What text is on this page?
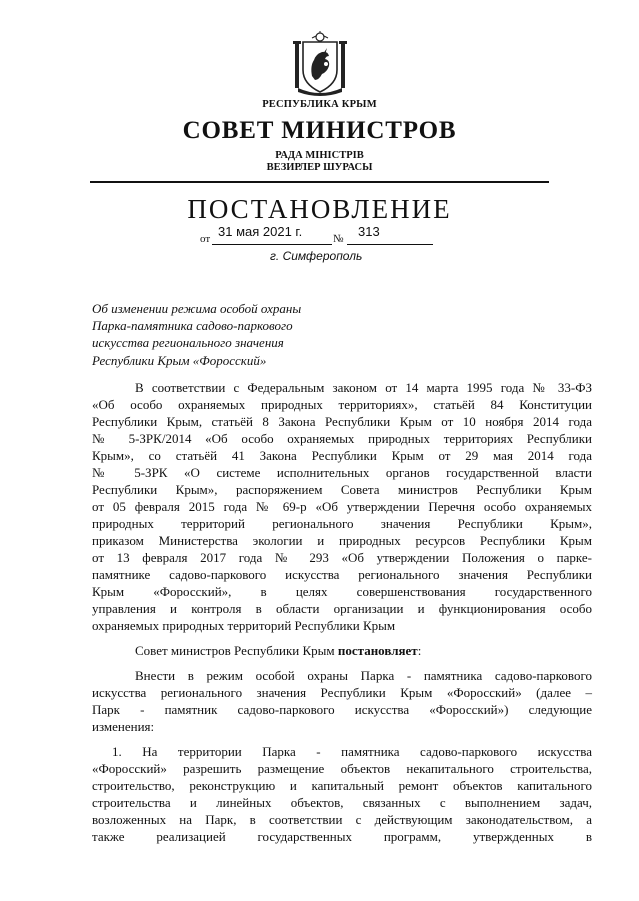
РЕСПУБЛИКА КРЫМ
СОВЕТ МИНИСТРОВ
РАДА МІНІСТРІВ
ВЕЗИРЛЕР ШУРАСЫ
ПОСТАНОВЛЕНИЕ
от 31 мая 2021 г.	№ 313
г. Симферополь
Об изменении режима особой охраны
Парка-памятника садово-паркового
искусства регионального значения
Республики Крым «Форосский»
В соответствии с Федеральным законом от 14 марта 1995 года № 33-ФЗ
«Об особо охраняемых природных территориях», статьёй 84 Конституции
Республики Крым, статьёй 8 Закона Республики Крым от 10 ноября 2014 года
№ 5-ЗРК/2014 «Об особо охраняемых природных территориях Республики
Крым», со статьёй 41 Закона Республики Крым от 29 мая 2014 года
№ 5-ЗРК «О системе исполнительных органов государственной власти
Республики Крым», распоряжением Совета министров Республики Крым
от 05 февраля 2015 года № 69-р «Об утверждении Перечня особо охраняемых
природных территорий регионального значения Республики Крым»,
приказом Министерства экологии и природных ресурсов Республики Крым
от 13 февраля 2017 года № 293 «Об утверждении Положения о парке-
памятнике садово-паркового искусства регионального значения Республики
Крым «Форосский», в целях совершенствования государственного
управления и контроля в области организации и функционирования особо
охраняемых природных территорий Республики Крым
Совет министров Республики Крым постановляет:
Внести в режим особой охраны Парка - памятника садово-паркового
искусства регионального значения Республики Крым «Форосский» (далее –
Парк - памятник садово-паркового искусства «Форосский») следующие
изменения:
1. На территории Парка - памятника садово-паркового искусства
«Форосский» разрешить размещение объектов некапитального строительства,
строительство, реконструкцию и капитальный ремонт объектов капитального
строительства и линейных объектов, связанных с выполнением задач,
возложенных на Парк, в соответствии с действующим законодательством, а
также реализацией государственных программ, утвержденных в
